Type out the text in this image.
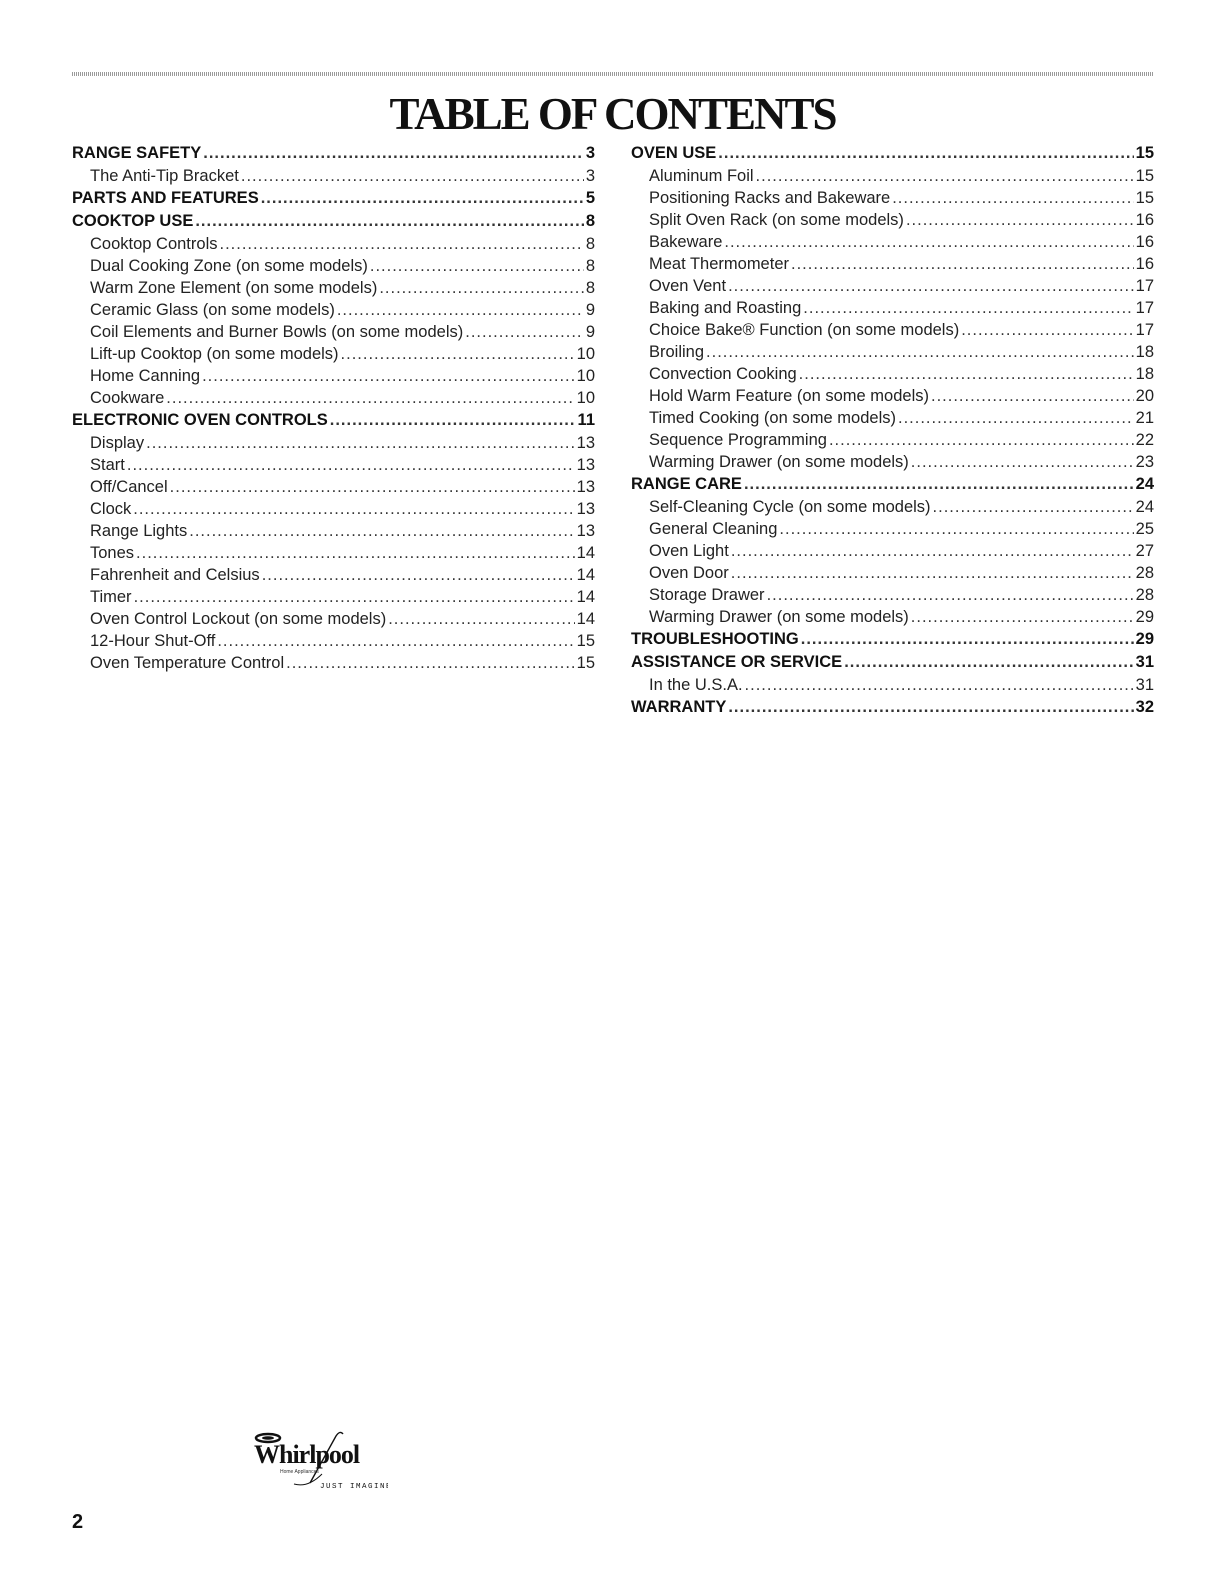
TABLE OF CONTENTS
RANGE SAFETY .....	3
The Anti-Tip Bracket .....	3
PARTS AND FEATURES .....	5
COOKTOP USE .....	8
Cooktop Controls .....	8
Dual Cooking Zone (on some models) .....	8
Warm Zone Element (on some models) .....	8
Ceramic Glass (on some models) .....	9
Coil Elements and Burner Bowls (on some models) .....	9
Lift-up Cooktop (on some models) .....	10
Home Canning .....	10
Cookware .....	10
ELECTRONIC OVEN CONTROLS .....	11
Display .....	13
Start .....	13
Off/Cancel .....	13
Clock .....	13
Range Lights .....	13
Tones .....	14
Fahrenheit and Celsius .....	14
Timer .....	14
Oven Control Lockout (on some models) .....	14
12-Hour Shut-Off .....	15
Oven Temperature Control .....	15
OVEN USE .....	15
Aluminum Foil .....	15
Positioning Racks and Bakeware .....	15
Split Oven Rack (on some models) .....	16
Bakeware .....	16
Meat Thermometer .....	16
Oven Vent .....	17
Baking and Roasting .....	17
Choice Bake® Function (on some models) .....	17
Broiling .....	18
Convection Cooking .....	18
Hold Warm Feature (on some models) .....	20
Timed Cooking (on some models) .....	21
Sequence Programming .....	22
Warming Drawer (on some models) .....	23
RANGE CARE .....	24
Self-Cleaning Cycle (on some models) .....	24
General Cleaning .....	25
Oven Light .....	27
Oven Door .....	28
Storage Drawer .....	28
Warming Drawer (on some models) .....	29
TROUBLESHOOTING .....	29
ASSISTANCE OR SERVICE .....	31
In the U.S.A. .....	31
WARRANTY .....	32
Whirlpool
Home Appliances
JUST IMAGINE
2
